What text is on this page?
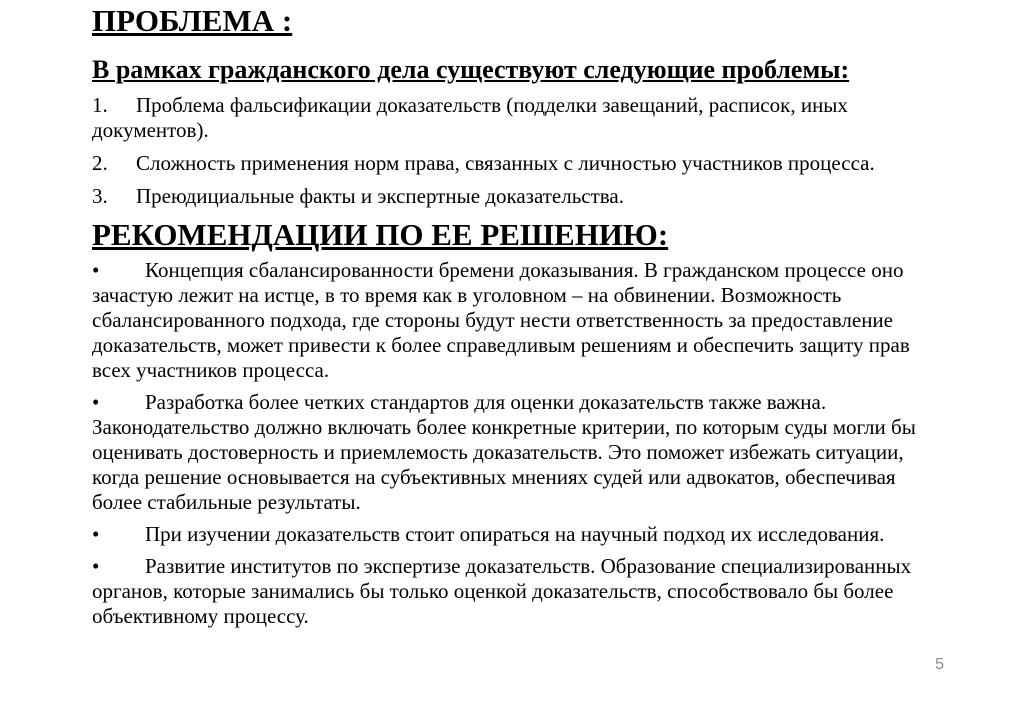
ПРОБЛЕМА :
В рамках гражданского дела существуют следующие проблемы:
1. Проблема фальсификации доказательств (подделки завещаний, расписок, иных документов).
2. Сложность применения норм права, связанных с личностью участников процесса.
3. Преюдициальные факты и экспертные доказательства.
РЕКОМЕНДАЦИИ ПО ЕЕ РЕШЕНИЮ:
• Концепция сбалансированности бремени доказывания. В гражданском процессе оно зачастую лежит на истце, в то время как в уголовном – на обвинении. Возможность сбалансированного подхода, где стороны будут нести ответственность за предоставление доказательств, может привести к более справедливым решениям и обеспечить защиту прав всех участников процесса.
• Разработка более четких стандартов для оценки доказательств также важна. Законодательство должно включать более конкретные критерии, по которым суды могли бы оценивать достоверность и приемлемость доказательств. Это поможет избежать ситуации, когда решение основывается на субъективных мнениях судей или адвокатов, обеспечивая более стабильные результаты.
• При изучении доказательств стоит опираться на научный подход их исследования.
• Развитие институтов по экспертизе доказательств. Образование специализированных органов, которые занимались бы только оценкой доказательств, способствовало бы более объективному процессу.
5
